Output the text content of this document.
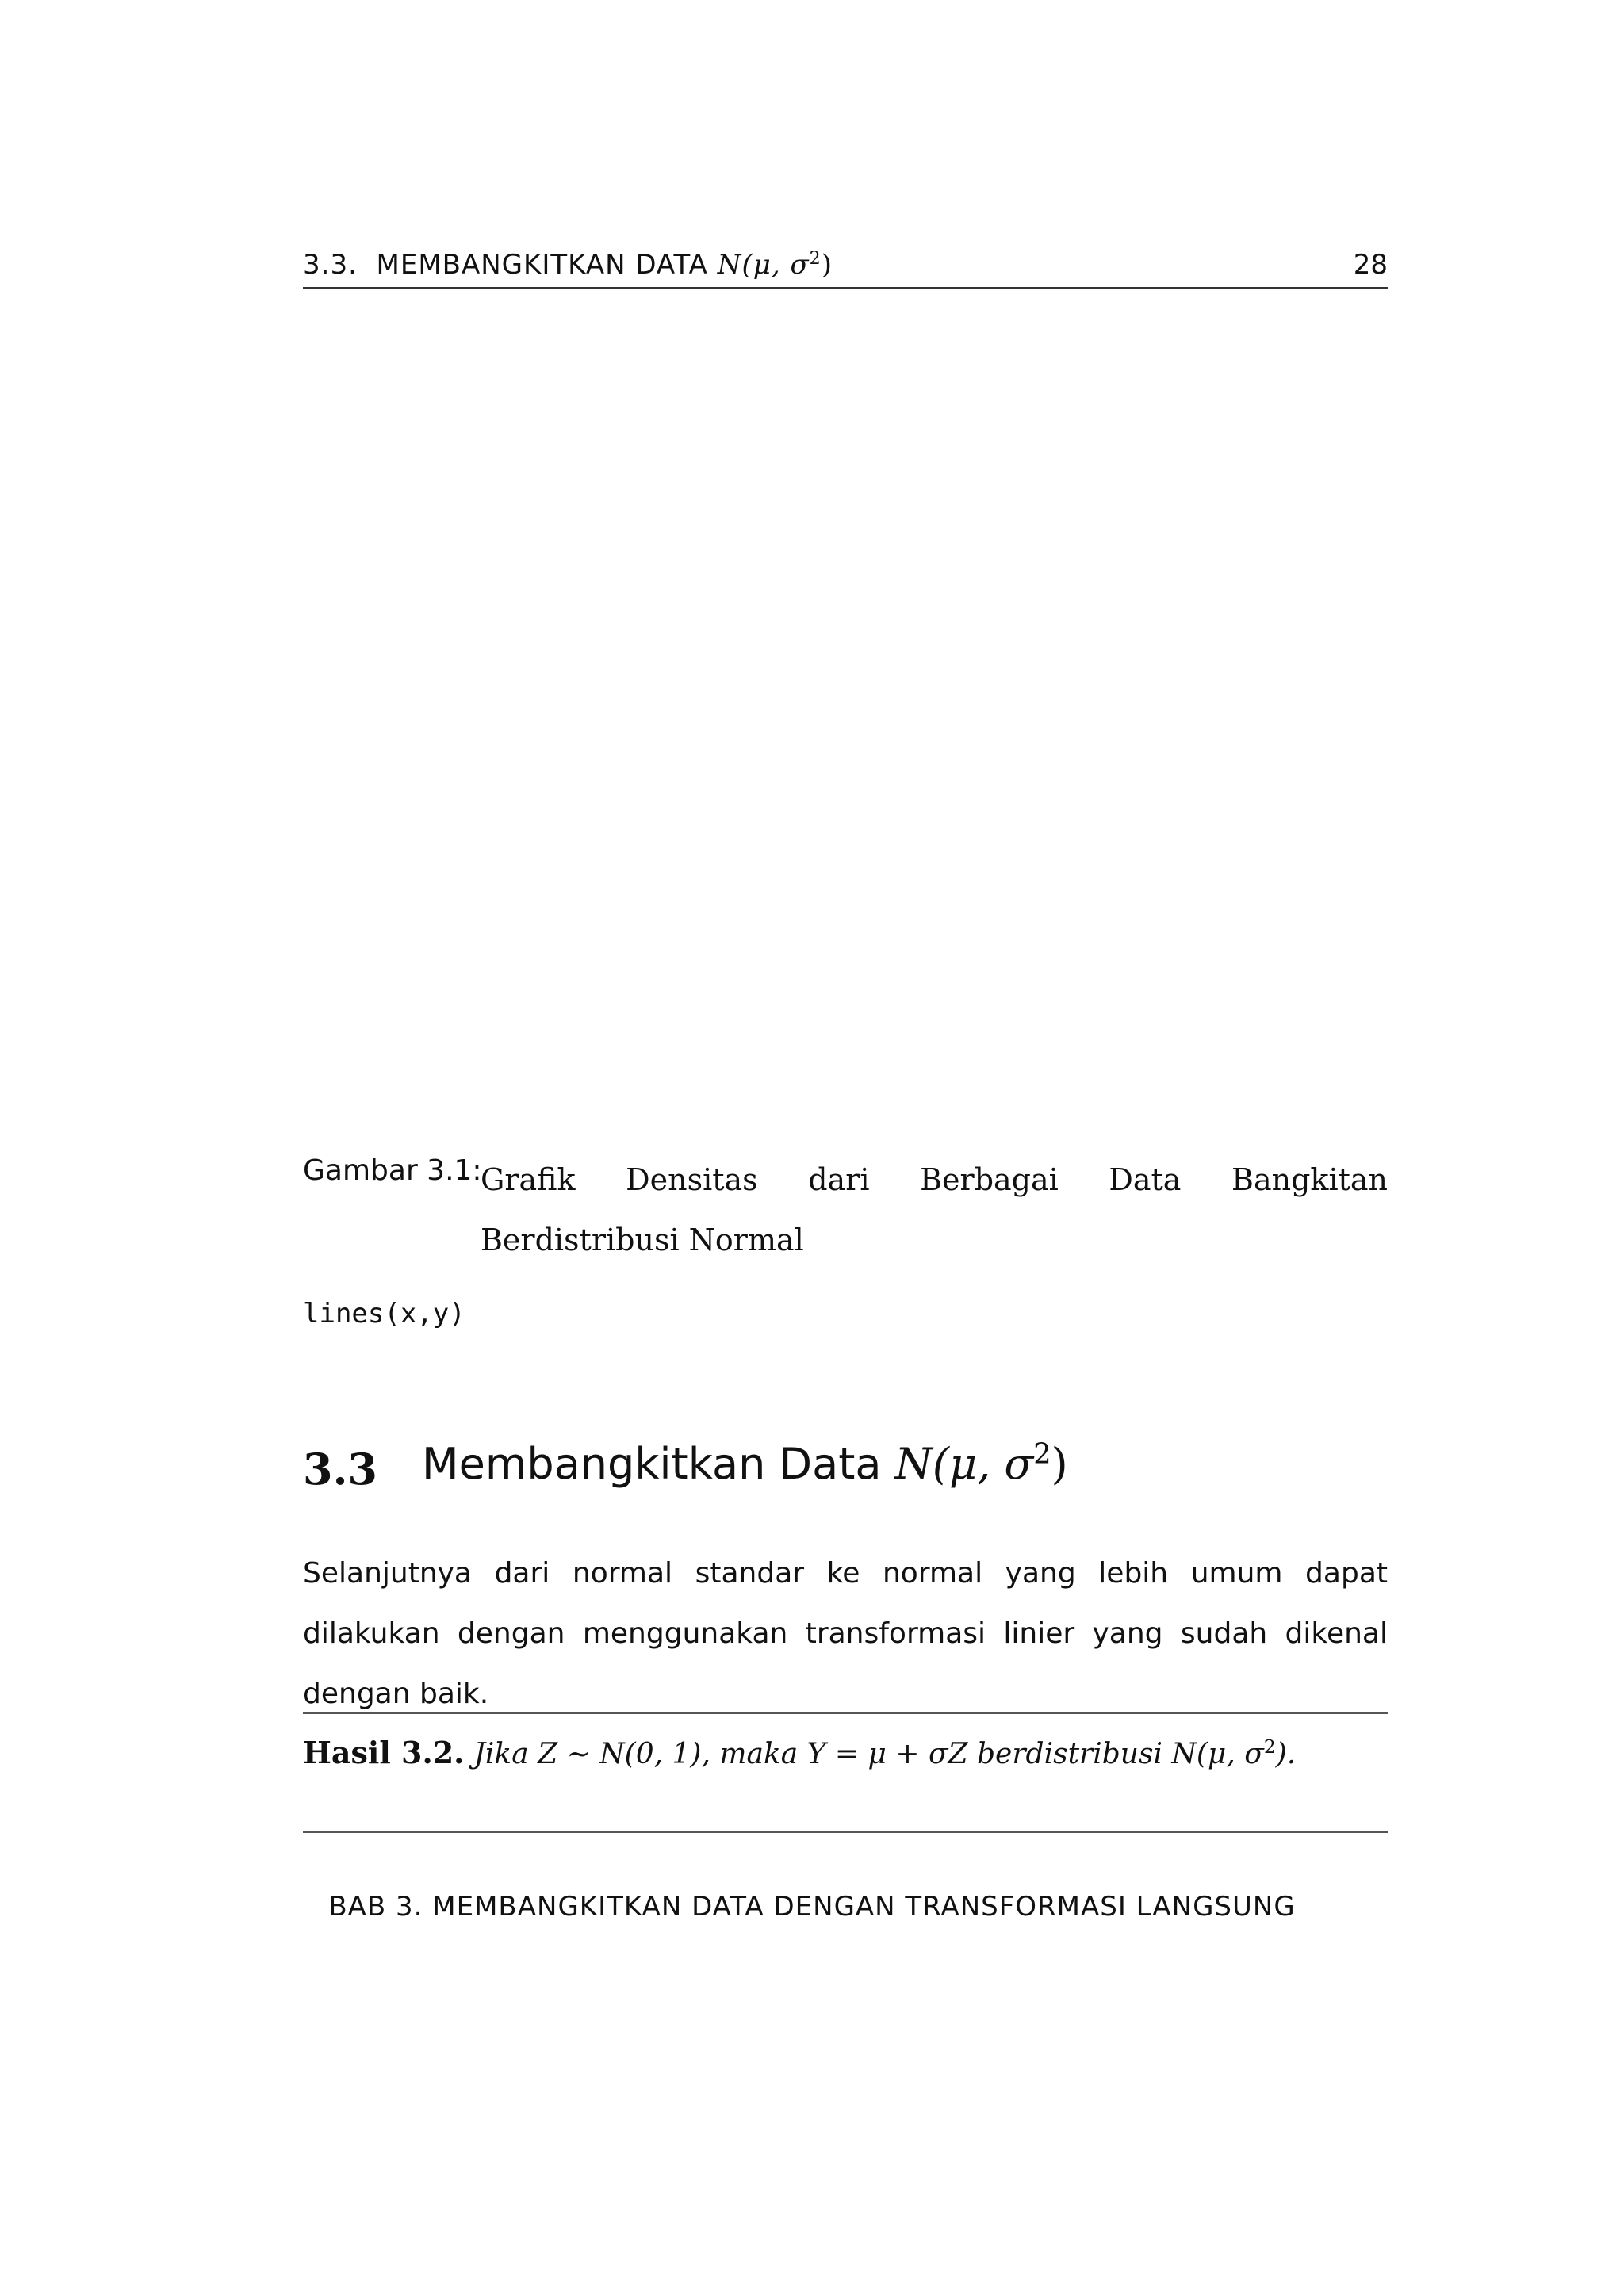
3.3. MEMBANGKITKAN DATA N(μ, $\sigma^2$)	28
Gambar 3.1:
Grafik Densitas dari Berbagai Data Bangkitan Berdistribusi Normal
lines(x,y)
3.3 Membangkitkan Data N(μ, $\sigma^2$)
Selanjutnya dari normal standar ke normal yang lebih umum dapat dilakukan dengan menggunakan transformasi linier yang sudah dikenal dengan baik.
Hasil 3.2. Jika Z ∼ N(0, 1), maka Y = μ + σZ berdistribusi N(μ, $\sigma^2$).
BAB 3. MEMBANGKITKAN DATA DENGAN TRANSFORMASI LANGSUNG
